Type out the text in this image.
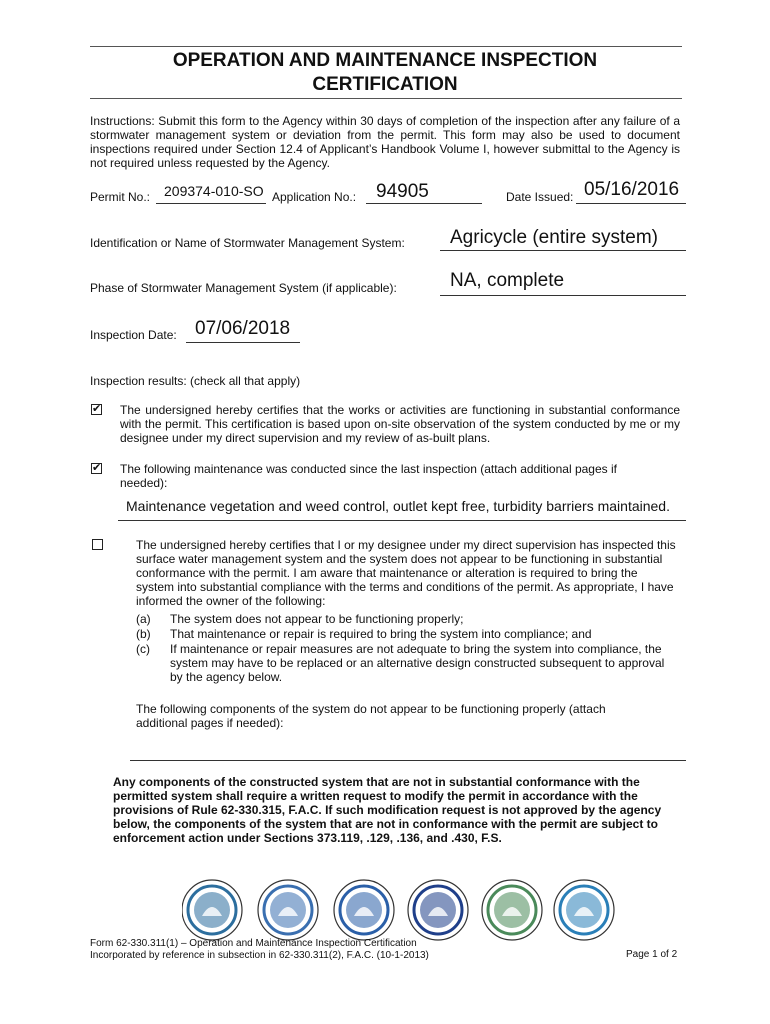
OPERATION AND MAINTENANCE INSPECTION
CERTIFICATION
Instructions: Submit this form to the Agency within 30 days of completion of the inspection after any failure of a stormwater management system or deviation from the permit. This form may also be used to document inspections required under Section 12.4 of Applicant’s Handbook Volume I, however submittal to the Agency is not required unless requested by the Agency.
Permit No.: 209374-010-SO Application No.: 94905	Date Issued: 05/16/2016
Identification or Name of Stormwater Management System: Agricycle (entire system)
Phase of Stormwater Management System (if applicable):	NA, complete
Inspection Date: 07/06/2018
Inspection results: (check all that apply)
✔ The undersigned hereby certifies that the works or activities are functioning in substantial conformance with the permit. This certification is based upon on-site observation of the system conducted by me or my designee under my direct supervision and my review of as-built plans.
✔ The following maintenance was conducted since the last inspection (attach additional pages if needed):
Maintenance vegetation and weed control, outlet kept free, turbidity barriers maintained.
The undersigned hereby certifies that I or my designee under my direct supervision has inspected this surface water management system and the system does not appear to be functioning in substantial conformance with the permit. I am aware that maintenance or alteration is required to bring the system into substantial compliance with the terms and conditions of the permit. As appropriate, I have informed the owner of the following:
(a) The system does not appear to be functioning properly;
(b) That maintenance or repair is required to bring the system into compliance; and
(c) If maintenance or repair measures are not adequate to bring the system into compliance, the system may have to be replaced or an alternative design constructed subsequent to approval by the agency below.
The following components of the system do not appear to be functioning properly (attach additional pages if needed):
Any components of the constructed system that are not in substantial conformance with the permitted system shall require a written request to modify the permit in accordance with the provisions of Rule 62-330.315, F.A.C. If such modification request is not approved by the agency below, the components of the system that are not in conformance with the permit are subject to enforcement action under Sections 373.119, .129, .136, and .430, F.S.
Form 62-330.311(1) – Operation and Maintenance Inspection Certification
Incorporated by reference in subsection in 62-330.311(2), F.A.C. (10-1-2013)	Page 1 of 2
